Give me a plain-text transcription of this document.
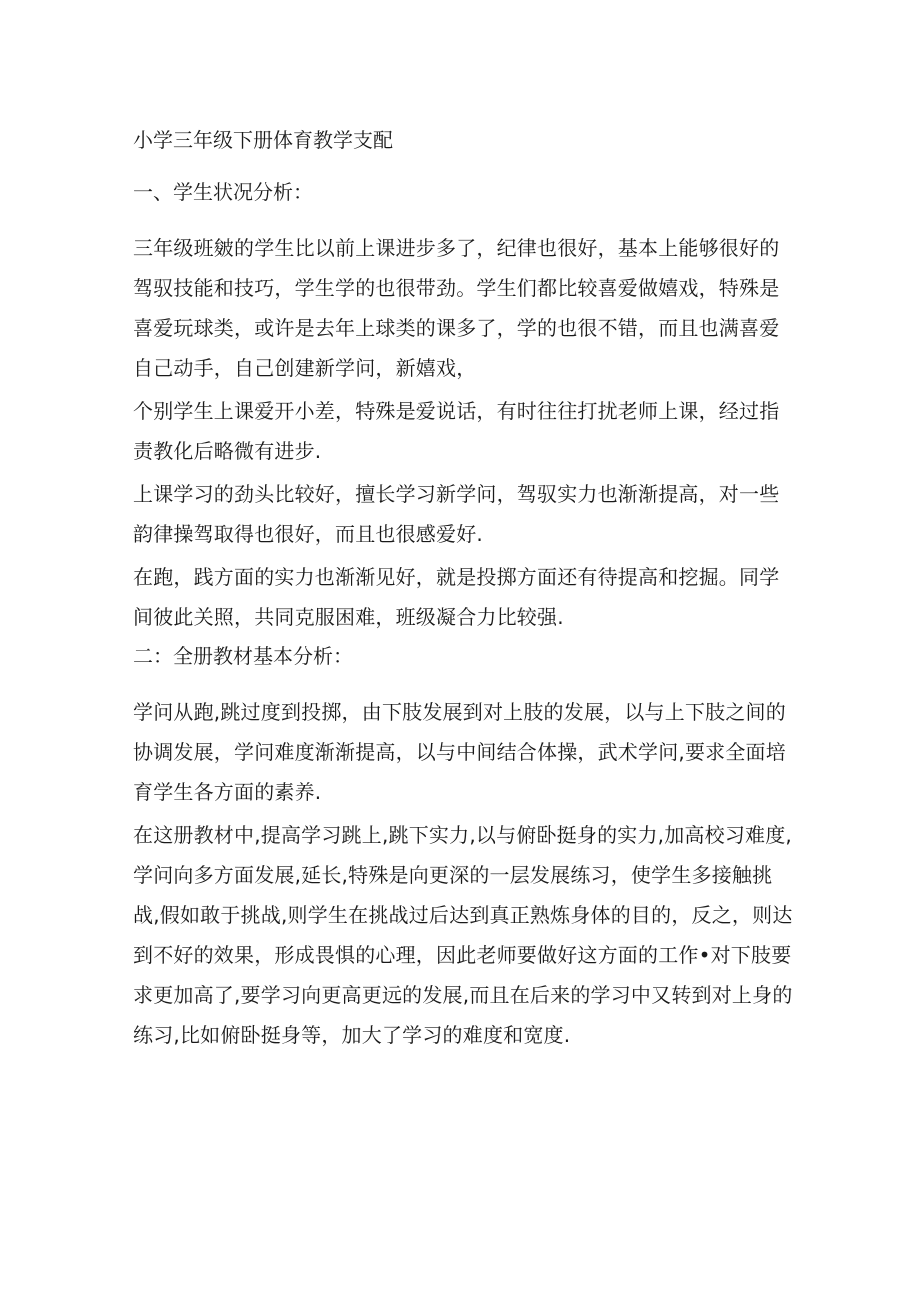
小学三年级下册体育教学支配
一、学生状况分析：

三年级班皴的学生比以前上课进步多了，纪律也很好，基本上能够很好的驾驭技能和技巧，学生学的也很带劲。学生们都比较喜爱做嬉戏，特殊是喜爱玩球类，或许是去年上球类的课多了，学的也很不错，而且也满喜爱自己动手，自己创建新学问，新嬉戏，

个别学生上课爱开小差，特殊是爱说话，有时往往打扰老师上课，经过指责教化后略微有进步.

上课学习的劲头比较好，擅长学习新学问，驾驭实力也渐渐提高，对一些韵律操驾取得也很好，而且也很感爱好.

在跑，践方面的实力也渐渐见好，就是投掷方面还有待提高和挖掘。同学间彼此关照，共同克服困难，班级凝合力比较强.

二：全册教材基本分析：

学问从跑,跳过度到投掷，由下肢发展到对上肢的发展，以与上下肢之间的协调发展，学问难度渐渐提高，以与中间结合体操，武术学问,要求全面培育学生各方面的素养.

在这册教材中,提高学习跳上,跳下实力,以与俯卧挺身的实力,加高校习难度,学问向多方面发展,延长,特殊是向更深的一层发展练习，使学生多接触挑战,假如敢于挑战,则学生在挑战过后达到真正熟炼身体的目的，反之，则达到不好的效果，形成畏惧的心理，因此老师要做好这方面的工作•对下肢要求更加高了,要学习向更高更远的发展,而且在后来的学习中又转到对上身的练习,比如俯卧挺身等，加大了学习的难度和宽度.
